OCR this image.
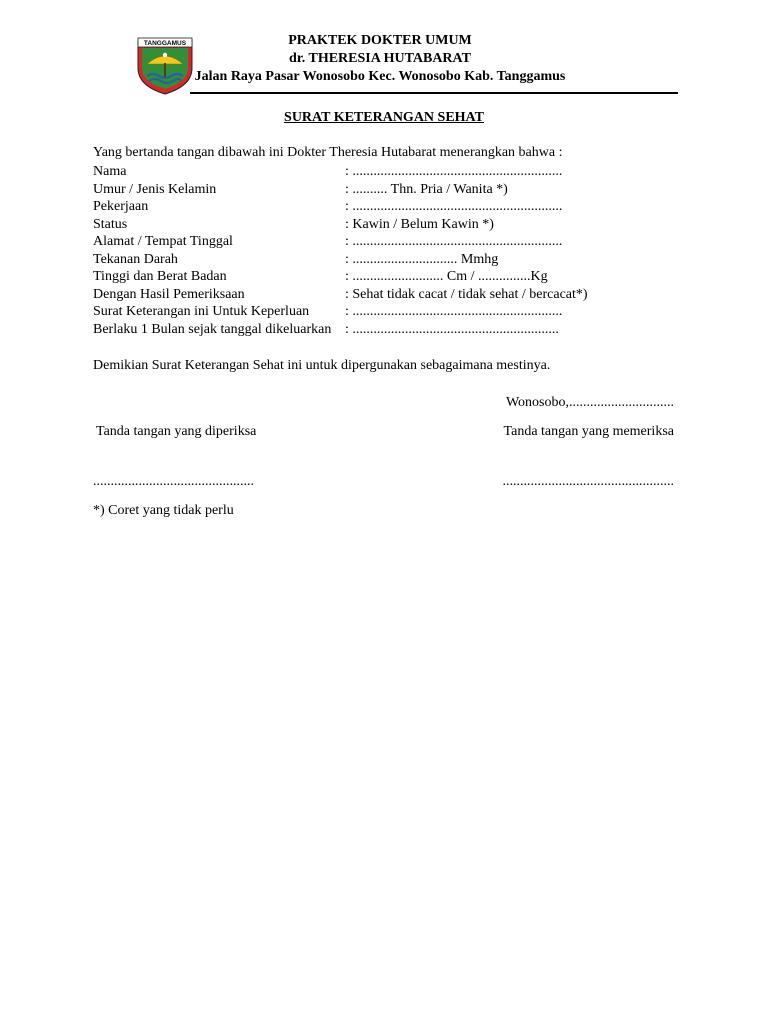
TANGGAMUS	PRAKTEK DOKTER UMUM
dr. THERESIA HUTABARAT
Jalan Raya Pasar Wonosobo Kec. Wonosobo Kab. Tanggamus
SURAT KETERANGAN SEHAT
Yang bertanda tangan dibawah ini Dokter Theresia Hutabarat menerangkan bahwa :
Nama	: ............................................................
Umur / Jenis Kelamin	: .......... Thn. Pria / Wanita *)
Pekerjaan	: ............................................................
Status	: Kawin / Belum Kawin *)
Alamat / Tempat Tinggal	: ............................................................
Tekanan Darah	: .............................. Mmhg
Tinggi dan Berat Badan	: .......................... Cm / ...............Kg
Dengan Hasil Pemeriksaan	: Sehat tidak cacat / tidak sehat / bercacat*)
Surat Keterangan ini Untuk Keperluan	: ............................................................
Berlaku 1 Bulan sejak tanggal dikeluarkan : ...........................................................
Demikian Surat Keterangan Sehat ini untuk dipergunakan sebagaimana mestinya.
Wonosobo,..............................
Tanda tangan yang diperiksa	Tanda tangan yang memeriksa
..............................................	.................................................
*) Coret yang tidak perlu
